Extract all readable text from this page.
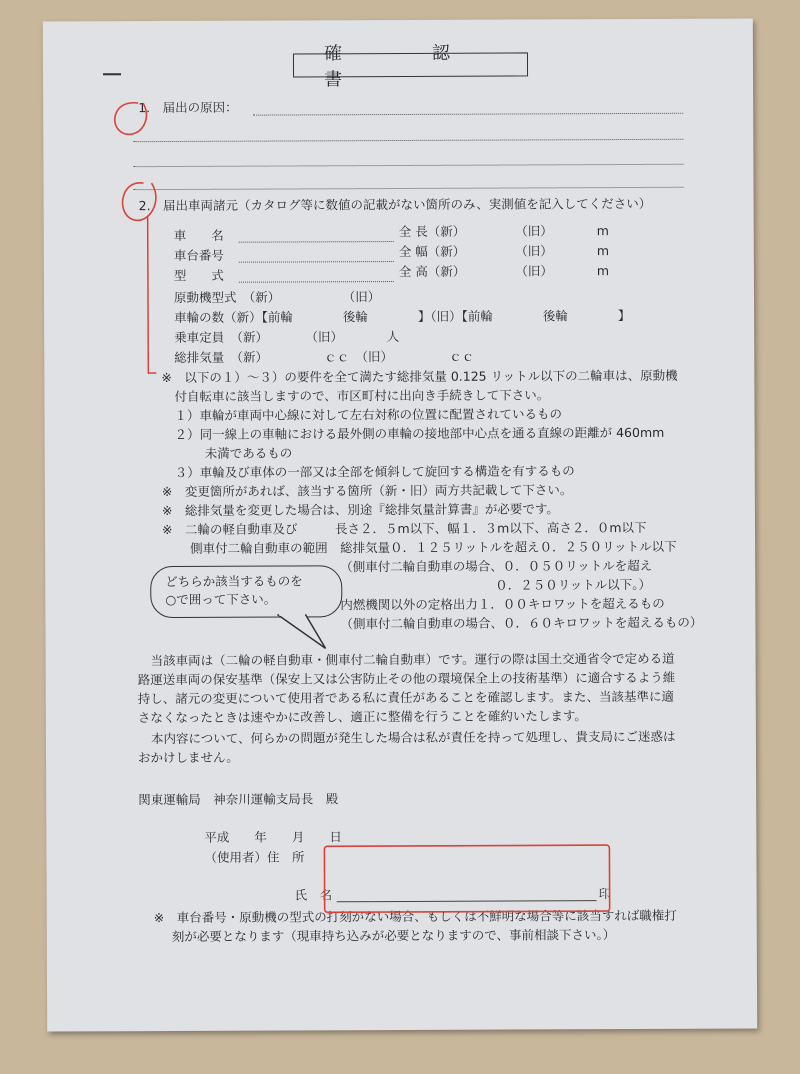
確　認　書
1.　届出の原因：
2.　届出車両諸元（カタログ等に数値の記載がない箇所のみ、実測値を記入してください）
車　　名	全 長（新）　　　　　（旧）	m
車台番号	全 幅（新）　　　　　（旧）	m
型　　式	全 高（新）　　　　　（旧）	m
原動機型式　（新）　　　　　　（旧）
車輪の数（新）【前輪　　　　後輪　　　　】（旧）【前輪　　　　後輪　　　　】
乗車定員　（新）　　　　（旧）　　　　人
総排気量　（新）　　　　　ｃｃ　（旧）　　　　　ｃｃ
※　以下の１）～３）の要件を全て満たす総排気量 0.125 リットル以下の二輪車は、原動機
付自転車に該当しますので、市区町村に出向き手続きして下さい。
１）車輪が車両中心線に対して左右対称の位置に配置されているもの
２）同一線上の車軸における最外側の車輪の接地部中心点を通る直線の距離が 460mm
未満であるもの
３）車輪及び車体の一部又は全部を傾斜して旋回する構造を有するもの
※　変更箇所があれば、該当する箇所（新・旧）両方共記載して下さい。
※　総排気量を変更した場合は、別途『総排気量計算書』が必要です。
※　二輪の軽自動車及び　　　長さ２．５m以下、幅１．３m以下、高さ２．０m以下
側車付二輪自動車の範囲　総排気量０．１２５リットルを超え０．２５０リットル以下
（側車付二輪自動車の場合、０．０５０リットルを超え
０．２５０リットル以下。）
内燃機関以外の定格出力１．００キロワットを超えるもの
（側車付二輪自動車の場合、０．６０キロワットを超えるもの）
どちらか該当するものを
○で囲って下さい。
当該車両は（二輪の軽自動車・側車付二輪自動車）です。運行の際は国土交通省令で定める道
路運送車両の保安基準（保安上又は公害防止その他の環境保全上の技術基準）に適合するよう維
持し、諸元の変更について使用者である私に責任があることを確認します。また、当該基準に適
さなくなったときは速やかに改善し、適正に整備を行うことを確約いたします。
本内容について、何らかの問題が発生した場合は私が責任を持って処理し、貴支局にご迷惑は
おかけしません。
関東運輸局　神奈川運輸支局長　殿
平成　　年　　月　　日
（使用者）住　所
氏　名	印
※　車台番号・原動機の型式の打刻がない場合、もしくは不鮮明な場合等に該当すれば職権打
刻が必要となります（現車持ち込みが必要となりますので、事前相談下さい。）
